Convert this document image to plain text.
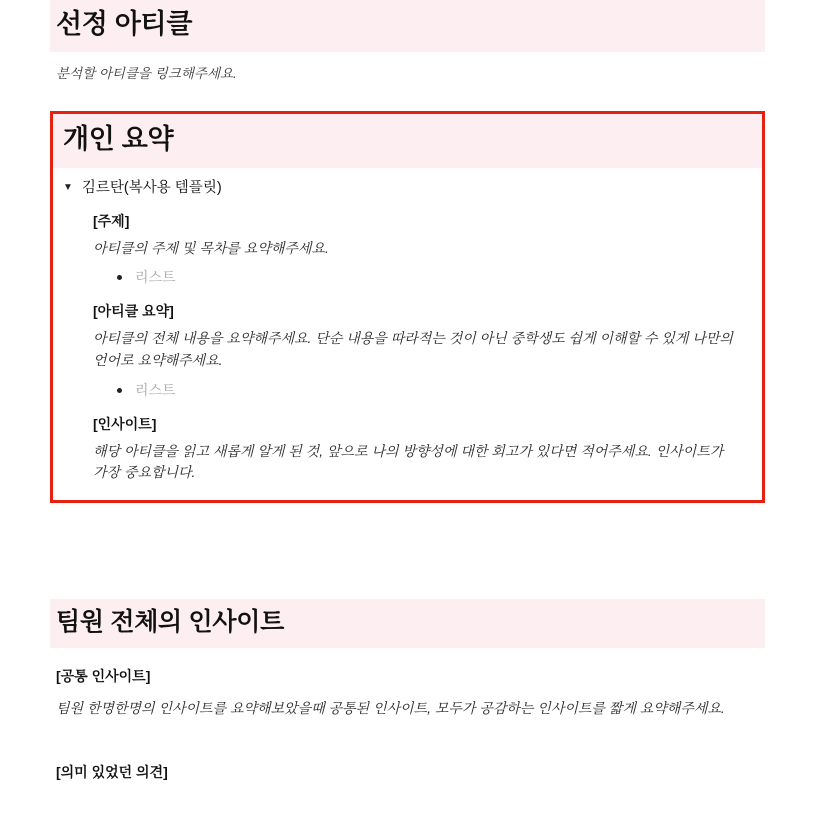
선정 아티클
분석할 아티클을 링크해주세요.
개인 요약
▼ 김르탄(복사용 템플릿)
[주제]
아티클의 주제 및 목차를 요약해주세요.
리스트
[아티클 요약]
아티클의 전체 내용을 요약해주세요. 단순 내용을 따라적는 것이 아닌 중학생도 쉽게 이해할 수 있게 나만의 언어로 요약해주세요.
리스트
[인사이트]
해당 아티클을 읽고 새롭게 알게 된 것, 앞으로 나의 방향성에 대한 회고가 있다면 적어주세요. 인사이트가 가장 중요합니다.
팀원 전체의 인사이트
[공통 인사이트]
팀원 한명한명의 인사이트를 요약해보았을때 공통된 인사이트, 모두가 공감하는 인사이트를 짧게 요약해주세요.
[의미 있었던 의견]
